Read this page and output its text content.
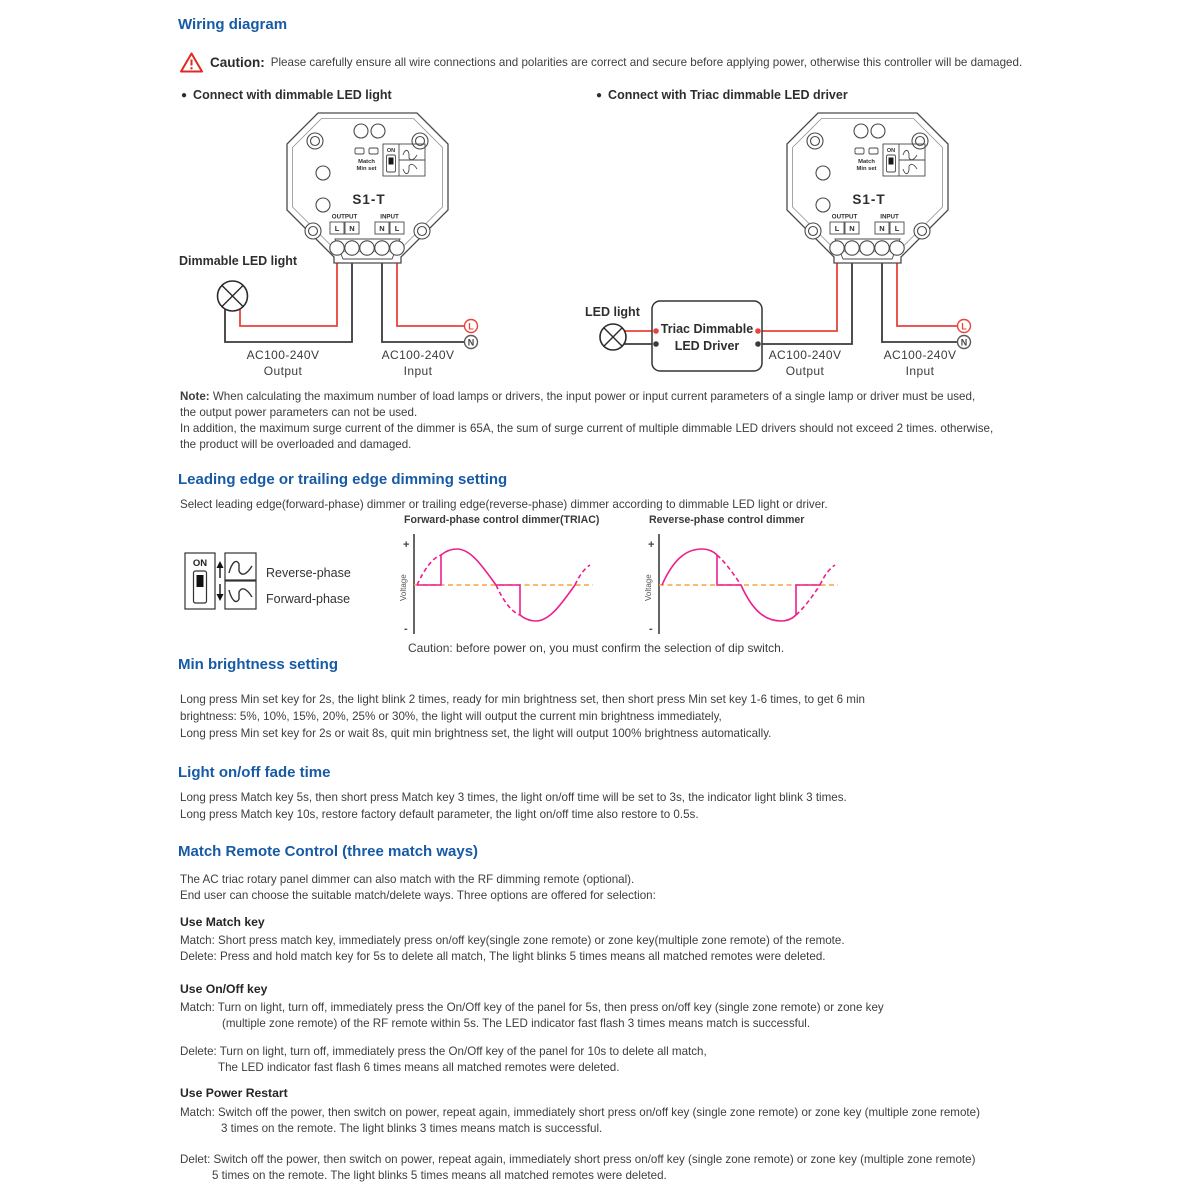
Wiring diagram
Caution: Please carefully ensure all wire connections and polarities are correct and secure before applying power, otherwise this controller will be damaged.
● Connect with dimmable LED light	● Connect with Triac dimmable LED driver
Dimmable LED light
L
N
AC100-240V
Output
AC100-240V
Input
Match
Min set
ON
S1-T
OUTPUT	INPUT
L N	N L
LED light
Triac Dimmable
LED Driver
L
N
AC100-240V
Output
AC100-240V
Input
Match
Min set
ON
S1-T
OUTPUT	INPUT
L N	N L
Note: When calculating the maximum number of load lamps or drivers, the input power or input current parameters of a single lamp or driver must be used,
the output power parameters can not be used.
In addition, the maximum surge current of the dimmer is 65A, the sum of surge current of multiple dimmable LED drivers should not exceed 2 times. otherwise,
the product will be overloaded and damaged.
Leading edge or trailing edge dimming setting
Select leading edge(forward-phase) dimmer or trailing edge(reverse-phase) dimmer according to dimmable LED light or driver.
Forward-phase control dimmer(TRIAC)	Reverse-phase control dimmer
ON
Reverse-phase
Forward-phase
+
-
Voltage
+
-
Voltage
Caution: before power on, you must confirm the selection of dip switch.
Min brightness setting
Long press Min set key for 2s, the light blink 2 times, ready for min brightness set, then short press Min set key 1-6 times, to get 6 min
brightness: 5%, 10%, 15%, 20%, 25% or 30%, the light will output the current min brightness immediately,
Long press Min set key for 2s or wait 8s, quit min brightness set, the light will output 100% brightness automatically.
Light on/off fade time
Long press Match key 5s, then short press Match key 3 times, the light on/off time will be set to 3s, the indicator light blink 3 times.
Long press Match key 10s, restore factory default parameter, the light on/off time also restore to 0.5s.
Match Remote Control (three match ways)
The AC triac rotary panel dimmer can also match with the RF dimming remote (optional).
End user can choose the suitable match/delete ways. Three options are offered for selection:
Use Match key
Match: Short press match key, immediately press on/off key(single zone remote) or zone key(multiple zone remote) of the remote.
Delete: Press and hold match key for 5s to delete all match, The light blinks 5 times means all matched remotes were deleted.
Use On/Off key
Match: Turn on light, turn off, immediately press the On/Off key of the panel for 5s, then press on/off key (single zone remote) or zone key
(multiple zone remote) of the RF remote within 5s. The LED indicator fast flash 3 times means match is successful.
Delete: Turn on light, turn off, immediately press the On/Off key of the panel for 10s to delete all match,
The LED indicator fast flash 6 times means all matched remotes were deleted.
Use Power Restart
Match: Switch off the power, then switch on power, repeat again, immediately short press on/off key (single zone remote) or zone key (multiple zone remote)
3 times on the remote. The light blinks 3 times means match is successful.
Delet: Switch off the power, then switch on power, repeat again, immediately short press on/off key (single zone remote) or zone key (multiple zone remote)
5 times on the remote. The light blinks 5 times means all matched remotes were deleted.
